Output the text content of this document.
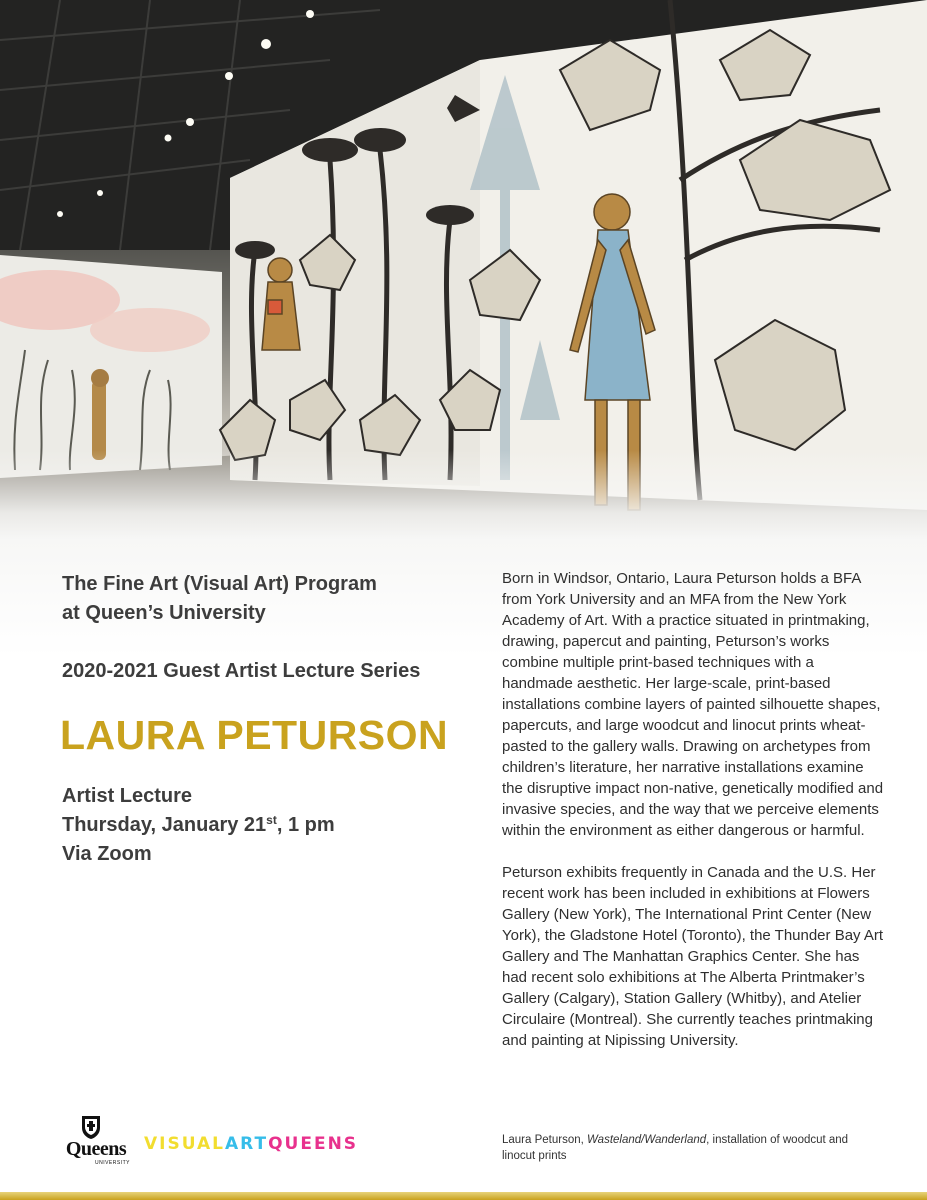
The Fine Art (Visual Art) Program
at Queen’s University
2020-2021 Guest Artist Lecture Series
LAURA PETURSON
Artist Lecture
Thursday, January 21st, 1 pm
Via Zoom

Born in Windsor, Ontario, Laura Peturson holds a BFA from York University and an MFA from the New York Academy of Art. With a practice situated in printmaking, drawing, papercut and painting, Peturson’s works combine multiple print-based techniques with a handmade aesthetic. Her large-scale, print-based installations combine layers of painted silhouette shapes, papercuts, and large woodcut and linocut prints wheat-pasted to the gallery walls. Drawing on archetypes from children’s literature, her narrative installations examine the disruptive impact non-native, genetically modified and invasive species, and the way that we perceive elements within the environment as either dangerous or harmful.

Peturson exhibits frequently in Canada and the U.S. Her recent work has been included in exhibitions at Flowers Gallery (New York), The International Print Center (New York), the Gladstone Hotel (Toronto), the Thunder Bay Art Gallery and The Manhattan Graphics Center. She has had recent solo exhibitions at The Alberta Printmaker’s Gallery (Calgary), Station Gallery (Whitby), and Atelier Circulaire (Montreal). She currently teaches printmaking and painting at Nipissing University.

Queens
UNIVERSITY
VISUALARTQUEENS	Laura Peturson, Wasteland/Wanderland, installation of woodcut and linocut prints
